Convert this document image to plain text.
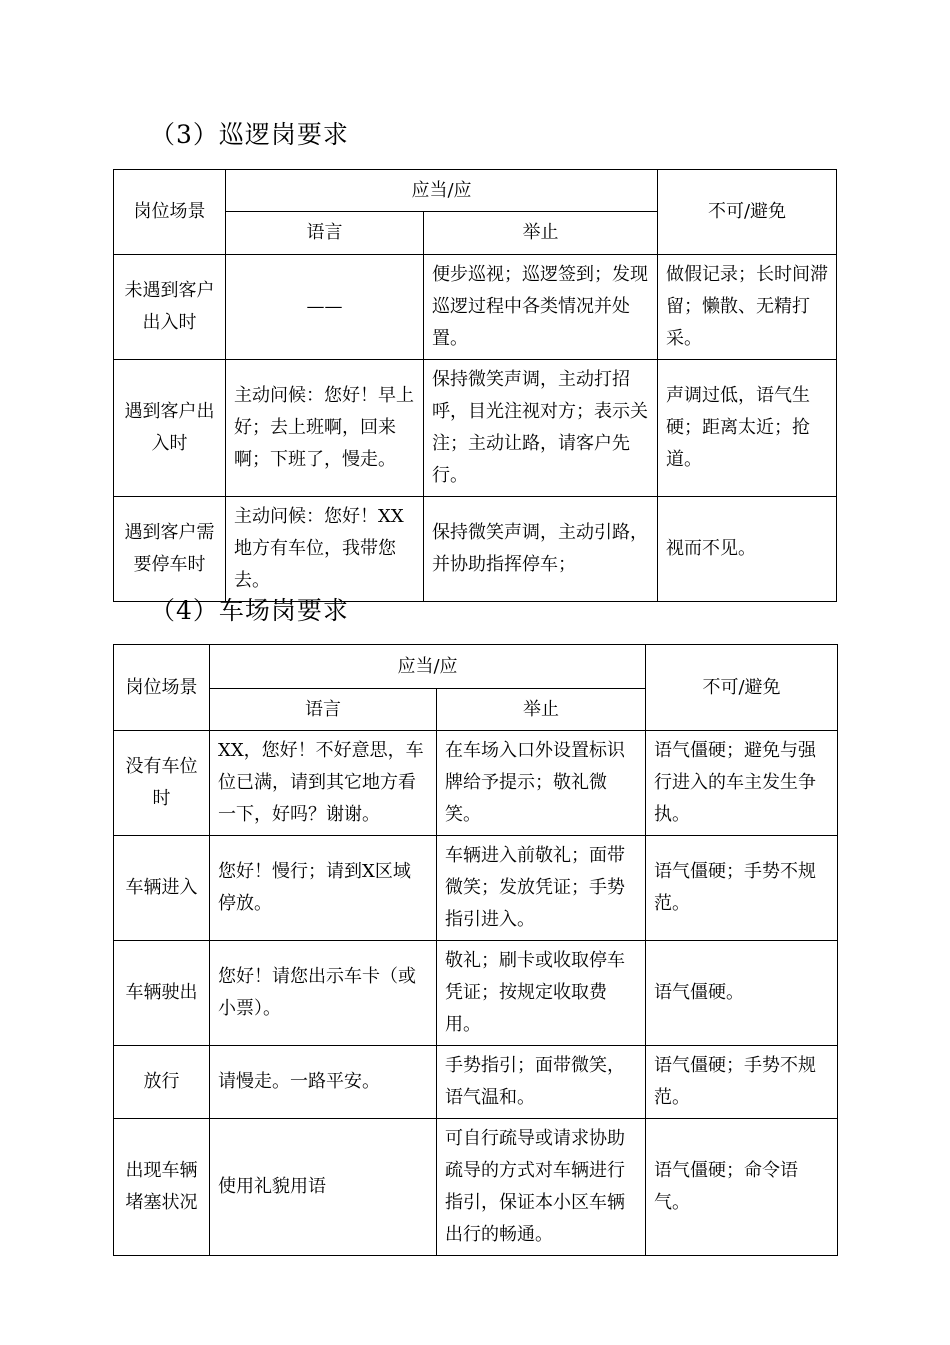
（3）巡逻岗要求
岗位场景	应当/应		不可/避免
	语言	举止	
未遇到客户出入时	——	便步巡视；巡逻签到；发现巡逻过程中各类情况并处置。	做假记录；长时间滞留；懒散、无精打采。
遇到客户出入时	主动问候：您好！早上好；去上班啊，回来啊；下班了，慢走。	保持微笑声调，主动打招呼，目光注视对方；表示关注；主动让路，请客户先行。	声调过低，语气生硬；距离太近；抢道。
遇到客户需要停车时	主动问候：您好！XX地方有车位，我带您去。	保持微笑声调，主动引路，并协助指挥停车；	视而不见。
（4）车场岗要求
岗位场景	应当/应		不可/避免
	语言	举止	
没有车位时	XX，您好！不好意思，车位已满，请到其它地方看一下，好吗？谢谢。	在车场入口外设置标识牌给予提示；敬礼微笑。	语气僵硬；避免与强行进入的车主发生争执。
车辆进入	您好！慢行；请到X区域停放。	车辆进入前敬礼；面带微笑；发放凭证；手势指引进入。	语气僵硬；手势不规范。
车辆驶出	您好！请您出示车卡（或小票）。	敬礼；刷卡或收取停车凭证；按规定收取费用。	语气僵硬。
放行	请慢走。一路平安。	手势指引；面带微笑，语气温和。	语气僵硬；手势不规范。
出现车辆堵塞状况	使用礼貌用语	可自行疏导或请求协助疏导的方式对车辆进行指引，保证本小区车辆出行的畅通。	语气僵硬；命令语气。
